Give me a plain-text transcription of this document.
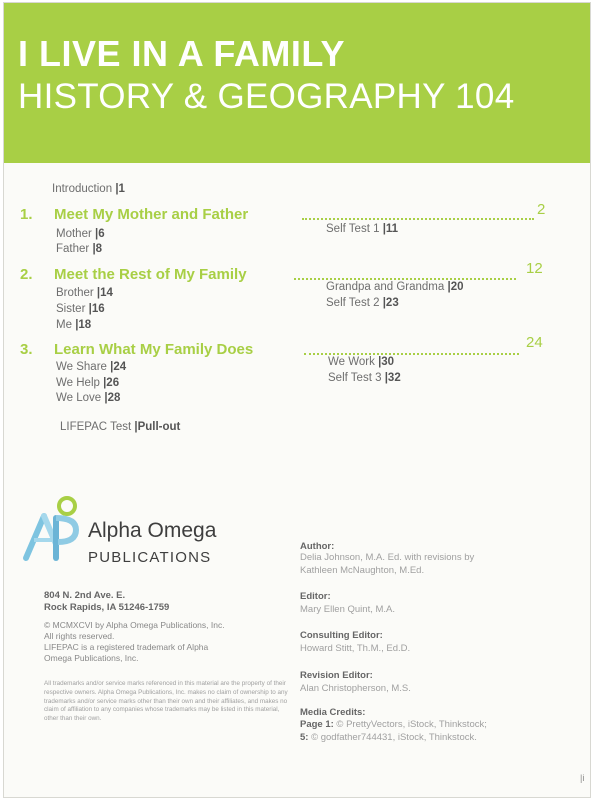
I LIVE IN A FAMILY
HISTORY & GEOGRAPHY 104
Introduction |1
1. Meet My Mother and Father	2
Mother |6
Father |8
Self Test 1 |11
2. Meet the Rest of My Family	12
Brother |14
Sister |16
Me |18
Grandpa and Grandma |20
Self Test 2 |23
3. Learn What My Family Does	24
We Share |24
We Help |26
We Love |28
We Work |30
Self Test 3 |32
LIFEPAC Test |Pull-out
Alpha Omega
PUBLICATIONS
804 N. 2nd Ave. E.
Rock Rapids, IA 51246-1759
© MCMXCVI by Alpha Omega Publications, Inc.
All rights reserved.
LIFEPAC is a registered trademark of Alpha
Omega Publications, Inc.
All trademarks and/or service marks referenced in this material are the property of their respective owners. Alpha Omega Publications, Inc. makes no claim of ownership to any trademarks and/or service marks other than their own and their affiliates, and makes no claim of affiliation to any companies whose trademarks may be listed in this material, other than their own.
Author:
Delia Johnson, M.A. Ed. with revisions by
Kathleen McNaughton, M.Ed.
Editor:
Mary Ellen Quint, M.A.
Consulting Editor:
Howard Stitt, Th.M., Ed.D.
Revision Editor:
Alan Christopherson, M.S.
Media Credits:
Page 1: © PrettyVectors, iStock, Thinkstock;
5: © godfather744431, iStock, Thinkstock.
|i
